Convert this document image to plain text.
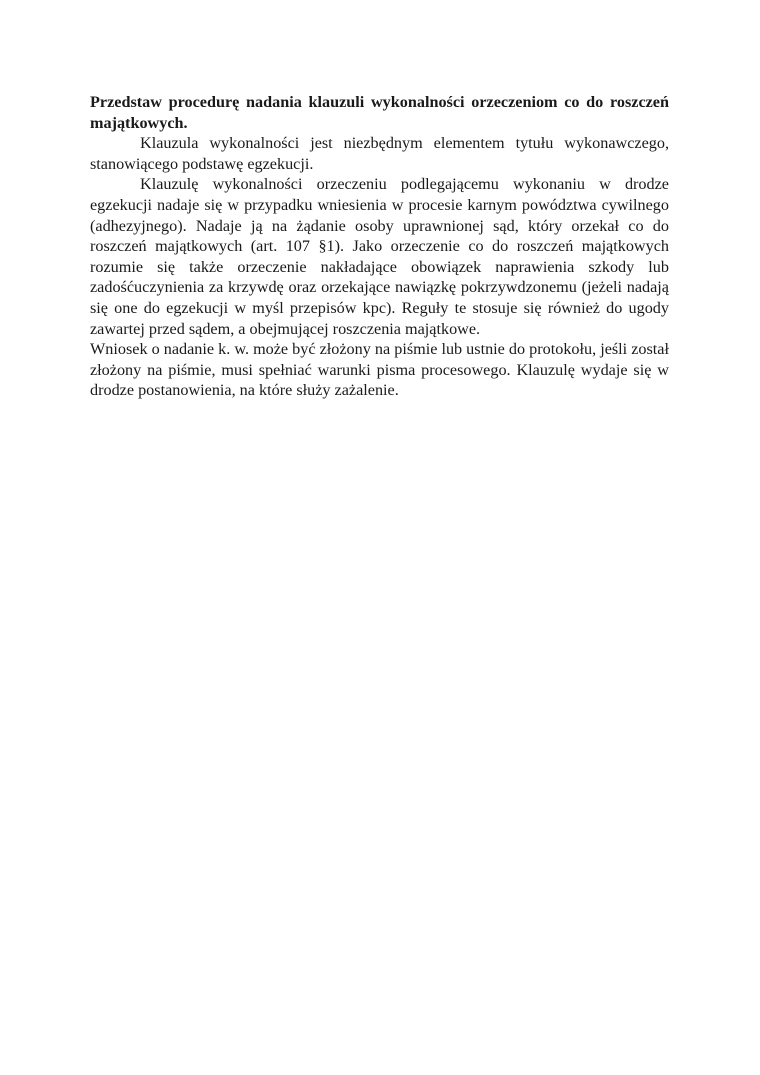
Przedstaw procedurę nadania klauzuli wykonalności orzeczeniom co do roszczeń majątkowych.

Klauzula wykonalności jest niezbędnym elementem tytułu wykonawczego, stanowiącego podstawę egzekucji.

Klauzulę wykonalności orzeczeniu podlegającemu wykonaniu w drodze egzekucji nadaje się w przypadku wniesienia w procesie karnym powództwa cywilnego (adhezyjnego). Nadaje ją na żądanie osoby uprawnionej sąd, który orzekał co do roszczeń majątkowych (art. 107 §1). Jako orzeczenie co do roszczeń majątkowych rozumie się także orzeczenie nakładające obowiązek naprawienia szkody lub zadośćuczynienia za krzywdę oraz orzekające nawiązkę pokrzywdzonemu (jeżeli nadają się one do egzekucji w myśl przepisów kpc). Reguły te stosuje się również do ugody zawartej przed sądem, a obejmującej roszczenia majątkowe.

Wniosek o nadanie k. w. może być złożony na piśmie lub ustnie do protokołu, jeśli został złożony na piśmie, musi spełniać warunki pisma procesowego. Klauzulę wydaje się w drodze postanowienia, na które służy zażalenie.
